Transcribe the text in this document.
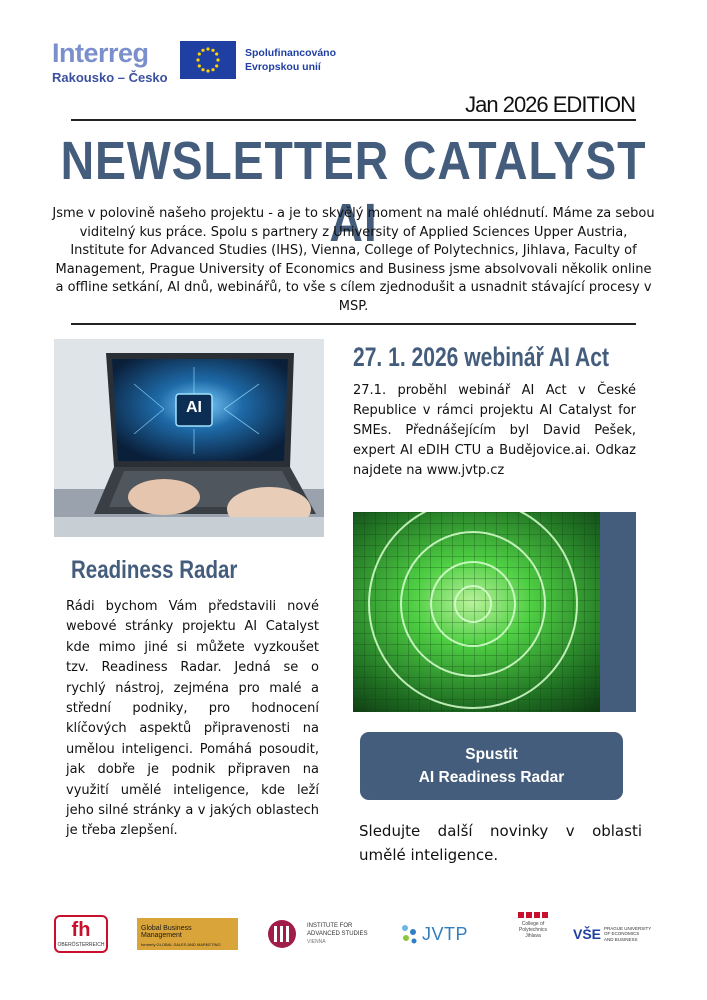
Interreg
Rakousko – Česko
Spolufinancováno
Evropskou unií
Jan 2026 EDITION
NEWSLETTER CATALYST AI
Jsme v polovině našeho projektu - a je to skvělý moment na malé ohlédnutí. Máme za sebou viditelný kus práce. Spolu s partnery z University of Applied Sciences Upper Austria, Institute for Advanced Studies (IHS), Vienna, College of Polytechnics, Jihlava, Faculty of Management, Prague University of Economics and Business jsme absolvovali několik online a offline setkání, AI dnů, webinářů, to vše s cílem zjednodušit a usnadnit stávající procesy v MSP.
AI
Readiness Radar
Rádi bychom Vám představili nové webové stránky projektu AI Catalyst kde mimo jiné si můžete vyzkoušet tzv. Readiness Radar. Jedná se o rychlý nástroj, zejména pro malé a střední podniky, pro hodnocení klíčových aspektů připravenosti na umělou inteligenci. Pomáhá posoudit, jak dobře je podnik připraven na využití umělé inteligence, kde leží jeho silné stránky a v jakých oblastech je třeba zlepšení.
27. 1. 2026 webinář AI Act
27.1. proběhl webinář AI Act v České Republice v rámci projektu AI Catalyst for SMEs. Přednášejícím byl David Pešek, expert AI eDIH CTU a Budějovice.ai. Odkaz najdete na www.jvtp.cz
Spustit
AI Readiness Radar
Sledujte další novinky v oblasti umělé inteligence.
fh
OBERÖSTERREICH
Global Business Management
formerly GLOBAL SALES AND MARKETING
INSTITUTE FOR
ADVANCED STUDIES
VIENNA	JVTP	College of
Polytechnics
Jihlava	VŠE PRAGUE UNIVERSITY
OF ECONOMICS
AND BUSINESS
